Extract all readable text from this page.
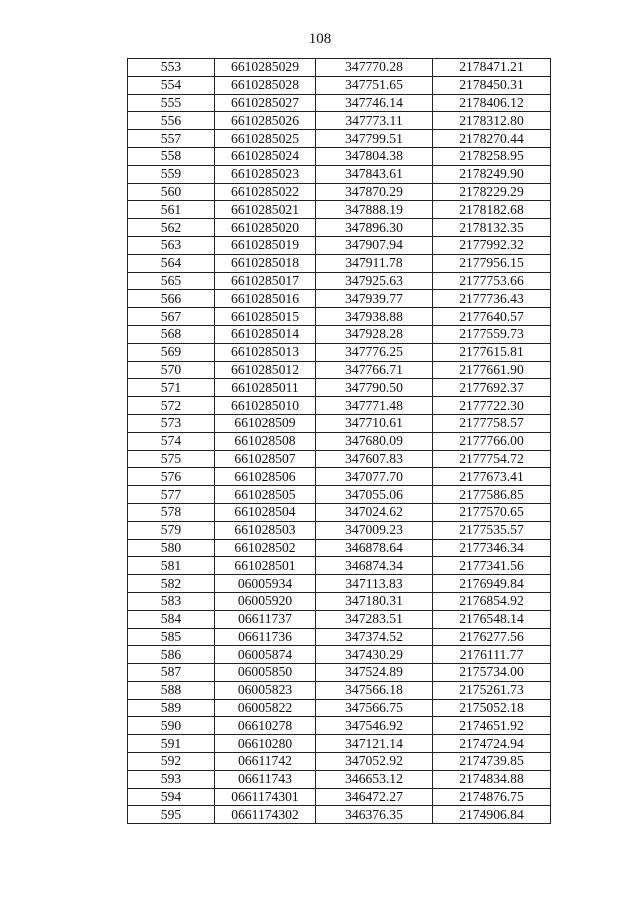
108
553	6610285029	347770.28	2178471.21
554	6610285028	347751.65	2178450.31
555	6610285027	347746.14	2178406.12
556	6610285026	347773.11	2178312.80
557	6610285025	347799.51	2178270.44
558	6610285024	347804.38	2178258.95
559	6610285023	347843.61	2178249.90
560	6610285022	347870.29	2178229.29
561	6610285021	347888.19	2178182.68
562	6610285020	347896.30	2178132.35
563	6610285019	347907.94	2177992.32
564	6610285018	347911.78	2177956.15
565	6610285017	347925.63	2177753.66
566	6610285016	347939.77	2177736.43
567	6610285015	347938.88	2177640.57
568	6610285014	347928.28	2177559.73
569	6610285013	347776.25	2177615.81
570	6610285012	347766.71	2177661.90
571	6610285011	347790.50	2177692.37
572	6610285010	347771.48	2177722.30
573	661028509	347710.61	2177758.57
574	661028508	347680.09	2177766.00
575	661028507	347607.83	2177754.72
576	661028506	347077.70	2177673.41
577	661028505	347055.06	2177586.85
578	661028504	347024.62	2177570.65
579	661028503	347009.23	2177535.57
580	661028502	346878.64	2177346.34
581	661028501	346874.34	2177341.56
582	06005934	347113.83	2176949.84
583	06005920	347180.31	2176854.92
584	06611737	347283.51	2176548.14
585	06611736	347374.52	2176277.56
586	06005874	347430.29	2176111.77
587	06005850	347524.89	2175734.00
588	06005823	347566.18	2175261.73
589	06005822	347566.75	2175052.18
590	06610278	347546.92	2174651.92
591	06610280	347121.14	2174724.94
592	06611742	347052.92	2174739.85
593	06611743	346653.12	2174834.88
594	0661174301	346472.27	2174876.75
595	0661174302	346376.35	2174906.84
